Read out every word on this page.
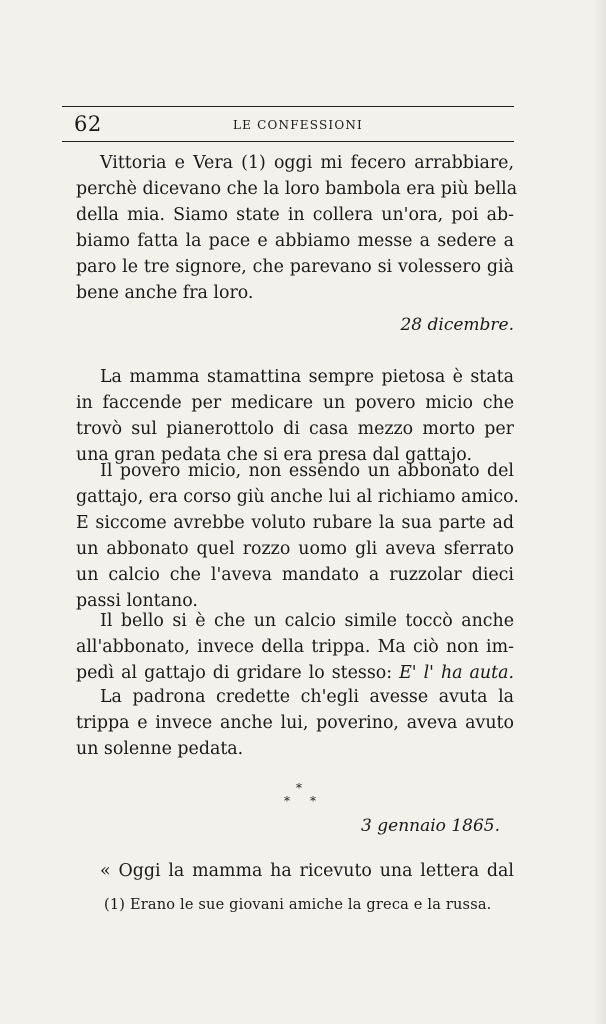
62	LE CONFESSIONI
Vittoria e Vera (1) oggi mi fecero arrabbiare,
perchè dicevano che la loro bambola era più bella
della mia. Siamo state in collera un'ora, poi ab-
biamo fatta la pace e abbiamo messe a sedere a
paro le tre signore, che parevano si volessero già
bene anche fra loro.
28 dicembre.
La mamma stamattina sempre pietosa è stata
in faccende per medicare un povero micio che
trovò sul pianerottolo di casa mezzo morto per
una gran pedata che si era presa dal gattajo.
Il povero micio, non essendo un abbonato del
gattajo, era corso giù anche lui al richiamo amico.
E siccome avrebbe voluto rubare la sua parte ad
un abbonato quel rozzo uomo gli aveva sferrato
un calcio che l'aveva mandato a ruzzolar dieci
passi lontano.
Il bello si è che un calcio simile toccò anche
all'abbonato, invece della trippa. Ma ciò non im-
pedì al gattajo di gridare lo stesso: E' l' ha auta.
La padrona credette ch'egli avesse avuta la
trippa e invece anche lui, poverino, aveva avuto
un solenne pedata.
*
* *
3 gennaio 1865.
« Oggi la mamma ha ricevuto una lettera dal
(1) Erano le sue giovani amiche la greca e la russa.
